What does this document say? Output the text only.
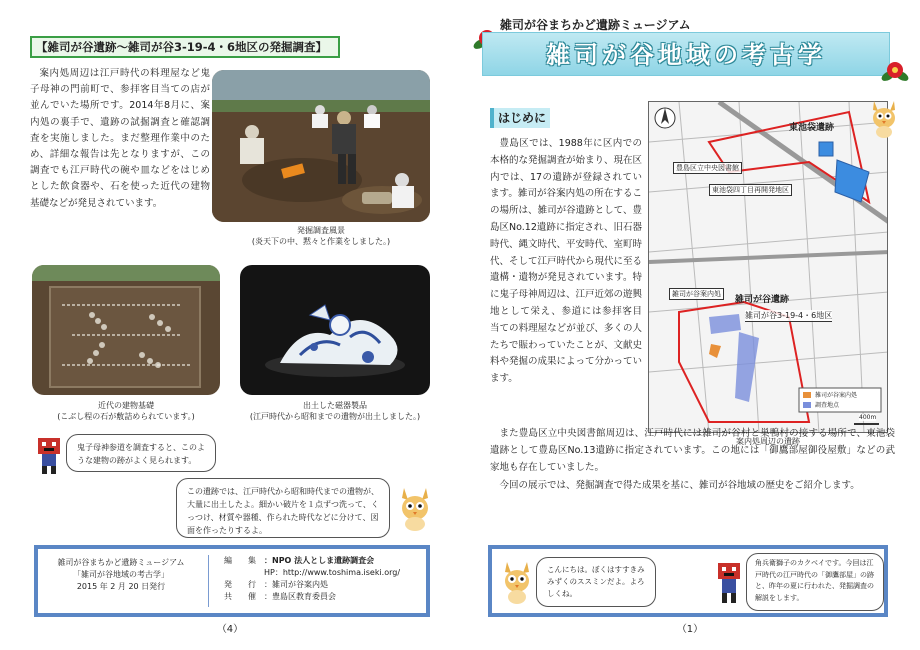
【雑司が谷遺跡～雑司が谷3-19-4・6地区の発掘調査】

案内処周辺は江戸時代の料理屋など鬼子母神の門前町で、参拝客目当ての店が並んでいた場所です。2014年8月に、案内処の裏手で、遺跡の試掘調査と確認調査を実施しました。まだ整理作業中のため、詳細な報告は先となりますが、この調査でも江戸時代の碗や皿などをはじめとした飲食器や、石を使った近代の建物基礎などが発見されています。

発掘調査風景
(炎天下の中、黙々と作業をしました。)
近代の建物基礎
(こぶし程の石が敷詰められています。)
出土した磁器製品
(江戸時代から昭和までの遺物が出土しました。)
鬼子母神参道を調査すると、このような建物の跡がよく見られます。
この遺跡では、江戸時代から昭和時代までの遺物が、大量に出土したよ。細かい破片を１点ずつ洗って、くっつけ、材質や器種、作られた時代などに分けて、図面を作ったりするよ。
雑司が谷まちかど遺跡ミュージアム
「雑司が谷地域の考古学」
2015 年 2 月 20 日発行
編　集 ：NPO 法人としま遺跡調査会
HP：http://www.toshima.iseki.org/
発　行 ：雑司が谷案内処
共　催 ：豊島区教育委員会
（4）
雑司が谷まちかど遺跡ミュージアム
雑司が谷地域の考古学
はじめに

豊島区では、1988年に区内での本格的な発掘調査が始まり、現在区内では、17の遺跡が登録されています。雑司が谷案内処の所在するこの場所は、雑司が谷遺跡として、豊島区No.12遺跡に指定され、旧石器時代、縄文時代、平安時代、室町時代、そして江戸時代から現代に至る遺構・遺物が発見されています。特に鬼子母神周辺は、江戸近郊の遊興地として栄え、参道には参拝客目当ての料理屋などが並び、多くの人たちで賑わっていたことが、文献史料や発掘の成果によって分かっています。

東池袋遺跡
豊島区立中央図書館
東池袋四丁目再開発地区
雑司が谷遺跡
雑司が谷3-19-4・6地区
雑司が谷案内処
雑司が谷案内処
調査地点
400m
案内処周辺の遺跡

また豊島区立中央図書館周辺は、江戸時代には雑司が谷村と巣鴨村の接する場所で、東池袋遺跡として豊島区No.13遺跡に指定されています。この地には「御鷹部屋御役屋敷」などの武家地も存在していました。

今回の展示では、発掘調査で得た成果を基に、雑司が谷地域の歴史をご紹介します。

こんにちは。ぼくはすすきみみずくのススミンだよ。よろしくね。
角兵衛獅子のカクベイです。今回は江戸時代の江戸時代の「御鷹部屋」の跡と、昨年の夏に行われた、発掘調査の解説をします。
（1）
